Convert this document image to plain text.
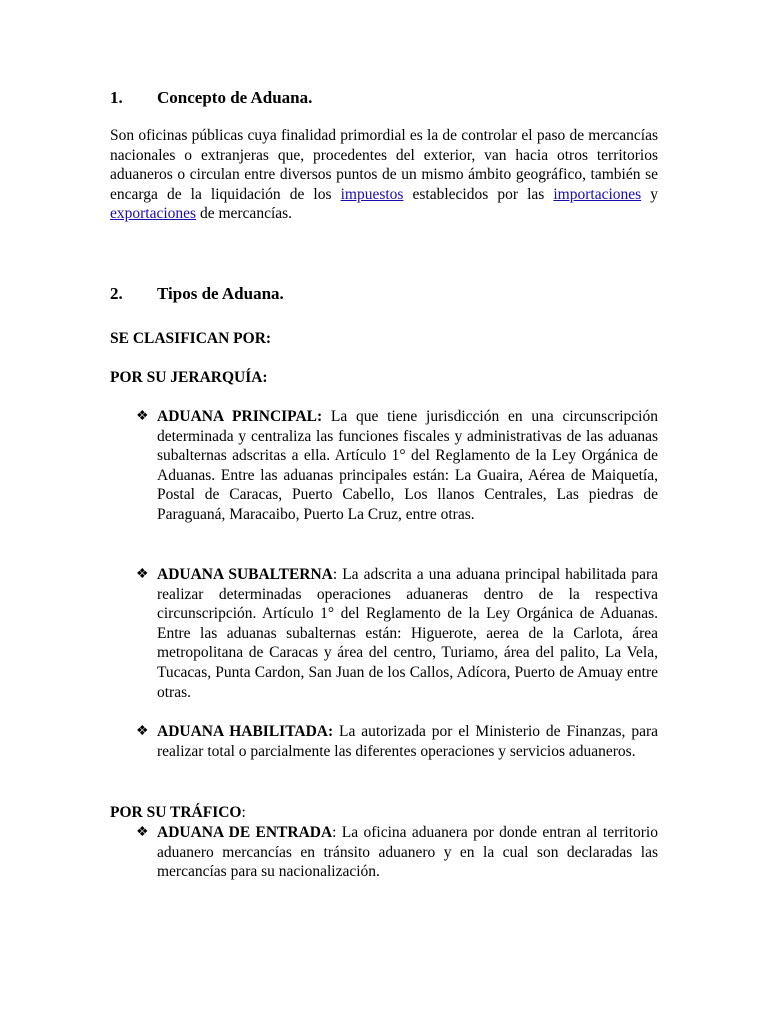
1. Concepto de Aduana.
Son oficinas públicas cuya finalidad primordial es la de controlar el paso de mercancías nacionales o extranjeras que, procedentes del exterior, van hacia otros territorios aduaneros o circulan entre diversos puntos de un mismo ámbito geográfico, también se encarga de la liquidación de los impuestos establecidos por las importaciones y exportaciones de mercancías.
2. Tipos de Aduana.
SE CLASIFICAN POR:
POR SU JERARQUÍA:
❖ ADUANA PRINCIPAL: La que tiene jurisdicción en una circunscripción determinada y centraliza las funciones fiscales y administrativas de las aduanas subalternas adscritas a ella. Artículo 1° del Reglamento de la Ley Orgánica de Aduanas. Entre las aduanas principales están: La Guaira, Aérea de Maiquetía, Postal de Caracas, Puerto Cabello, Los llanos Centrales, Las piedras de Paraguaná, Maracaibo, Puerto La Cruz, entre otras.
❖ ADUANA SUBALTERNA: La adscrita a una aduana principal habilitada para realizar determinadas operaciones aduaneras dentro de la respectiva circunscripción. Artículo 1° del Reglamento de la Ley Orgánica de Aduanas. Entre las aduanas subalternas están: Higuerote, aerea de la Carlota, área metropolitana de Caracas y área del centro, Turiamo, área del palito, La Vela, Tucacas, Punta Cardon, San Juan de los Callos, Adícora, Puerto de Amuay entre otras.
❖ ADUANA HABILITADA: La autorizada por el Ministerio de Finanzas, para realizar total o parcialmente las diferentes operaciones y servicios aduaneros.
POR SU TRÁFICO:
❖ ADUANA DE ENTRADA: La oficina aduanera por donde entran al territorio aduanero mercancías en tránsito aduanero y en la cual son declaradas las mercancías para su nacionalización.
